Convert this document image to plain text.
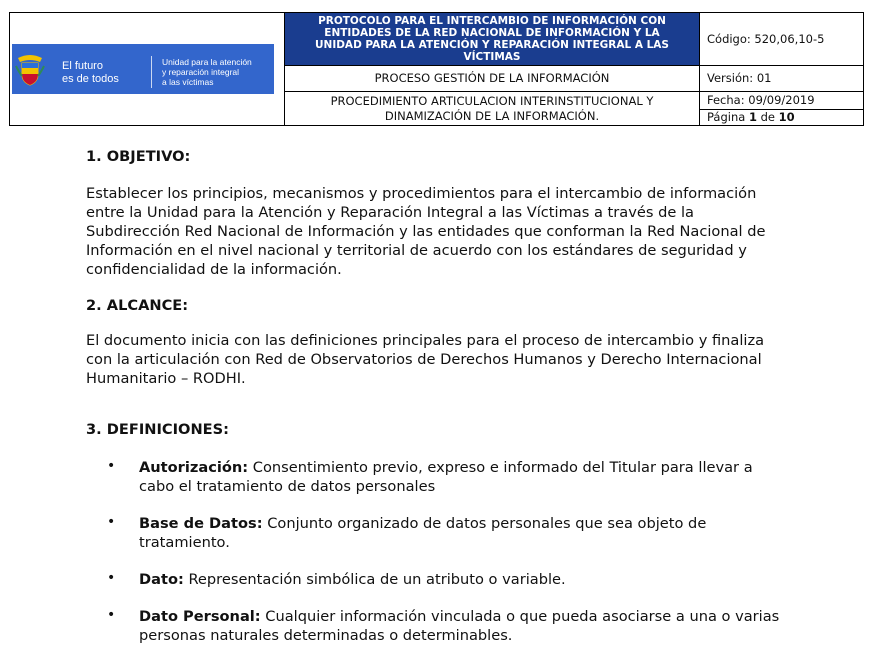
PROTOCOLO PARA EL INTERCAMBIO DE INFORMACIÓN CON
ENTIDADES DE LA RED NACIONAL DE INFORMACIÓN Y LA
UNIDAD PARA LA ATENCIÓN Y REPARACIÓN INTEGRAL A LAS
VÍCTIMAS
PROCESO GESTIÓN DE LA INFORMACIÓN
PROCEDIMIENTO ARTICULACION INTERINSTITUCIONAL Y
DINAMIZACIÓN DE LA INFORMACIÓN.
Código: 520,06,10-5
Versión: 01
Fecha: 09/09/2019
Página 1 de 10
El futuro
es de todos
Unidad para la atención
y reparación integral
a las víctimas
1. OBJETIVO:
Establecer los principios, mecanismos y procedimientos para el intercambio de información
entre la Unidad para la Atención y Reparación Integral a las Víctimas a través de la
Subdirección Red Nacional de Información y las entidades que conforman la Red Nacional de
Información en el nivel nacional y territorial de acuerdo con los estándares de seguridad y
confidencialidad de la información.
2. ALCANCE:
El documento inicia con las definiciones principales para el proceso de intercambio y finaliza
con la articulación con Red de Observatorios de Derechos Humanos y Derecho Internacional
Humanitario – RODHI.
3. DEFINICIONES:
• Autorización: Consentimiento previo, expreso e informado del Titular para llevar a
cabo el tratamiento de datos personales
• Base de Datos: Conjunto organizado de datos personales que sea objeto de
tratamiento.
• Dato: Representación simbólica de un atributo o variable.
• Dato Personal: Cualquier información vinculada o que pueda asociarse a una o varias
personas naturales determinadas o determinables.
